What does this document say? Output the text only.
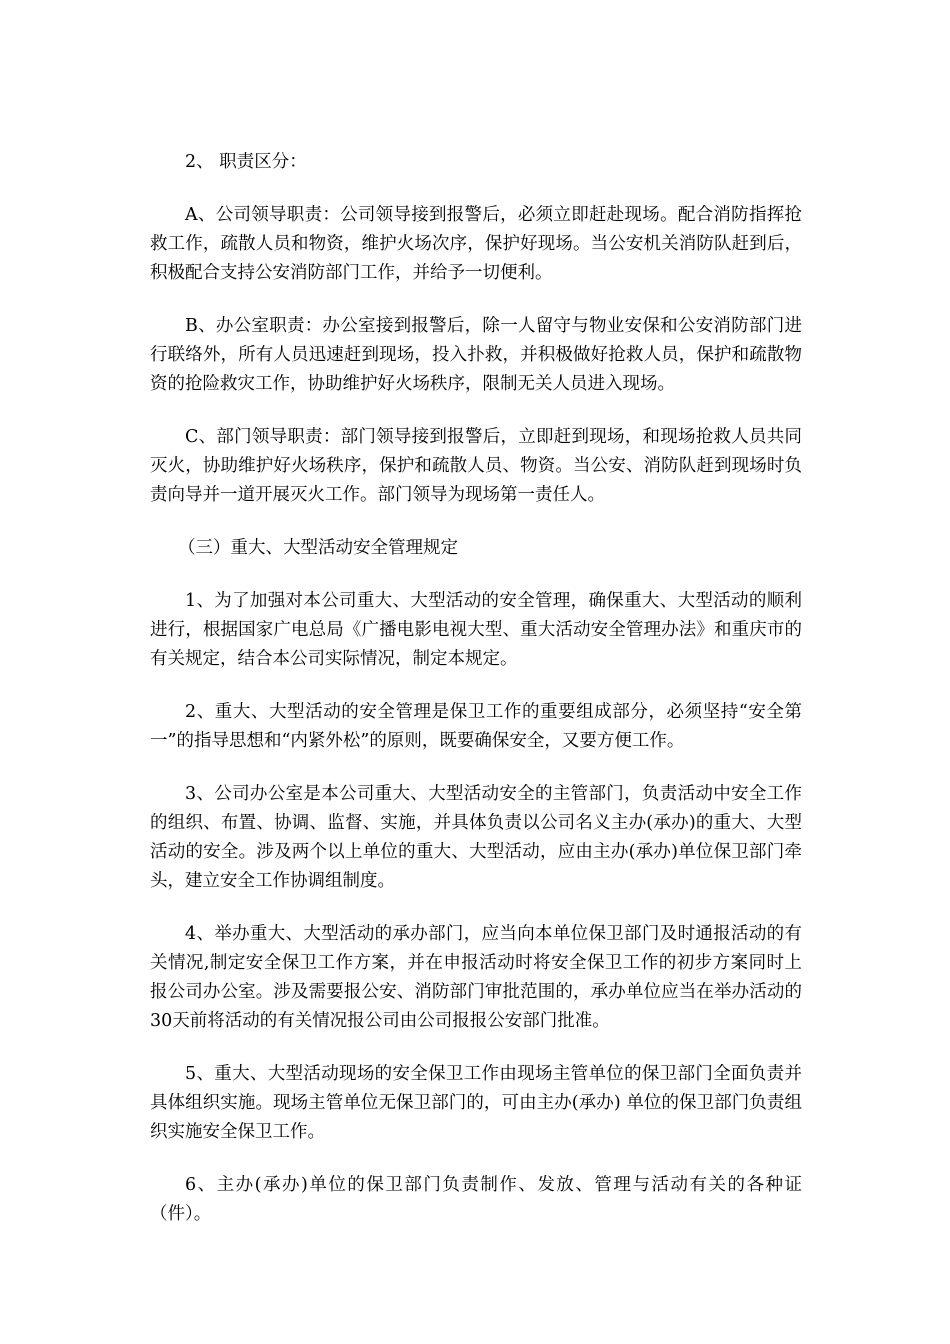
2、 职责区分：

A、公司领导职责：公司领导接到报警后，必须立即赶赴现场。配合消防指挥抢救工作，疏散人员和物资，维护火场次序，保护好现场。当公安机关消防队赶到后，积极配合支持公安消防部门工作，并给予一切便利。

B、办公室职责：办公室接到报警后，除一人留守与物业安保和公安消防部门进行联络外，所有人员迅速赶到现场，投入扑救，并积极做好抢救人员，保护和疏散物资的抢险救灾工作，协助维护好火场秩序，限制无关人员进入现场。

C、部门领导职责：部门领导接到报警后，立即赶到现场，和现场抢救人员共同灭火，协助维护好火场秩序，保护和疏散人员、物资。当公安、消防队赶到现场时负责向导并一道开展灭火工作。部门领导为现场第一责任人。

（三）重大、大型活动安全管理规定

1、为了加强对本公司重大、大型活动的安全管理，确保重大、大型活动的顺利进行，根据国家广电总局《广播电影电视大型、重大活动安全管理办法》和重庆市的有关规定，结合本公司实际情况，制定本规定。

2、重大、大型活动的安全管理是保卫工作的重要组成部分，必须坚持“安全第一”的指导思想和“内紧外松”的原则，既要确保安全，又要方便工作。

3、公司办公室是本公司重大、大型活动安全的主管部门，负责活动中安全工作的组织、布置、协调、监督、实施，并具体负责以公司名义主办(承办)的重大、大型活动的安全。涉及两个以上单位的重大、大型活动，应由主办(承办)单位保卫部门牵头，建立安全工作协调组制度。

4、举办重大、大型活动的承办部门，应当向本单位保卫部门及时通报活动的有关情况,制定安全保卫工作方案，并在申报活动时将安全保卫工作的初步方案同时上报公司办公室。涉及需要报公安、消防部门审批范围的，承办单位应当在举办活动的30天前将活动的有关情况报公司由公司报报公安部门批准。

5、重大、大型活动现场的安全保卫工作由现场主管单位的保卫部门全面负责并具体组织实施。现场主管单位无保卫部门的，可由主办(承办) 单位的保卫部门负责组织实施安全保卫工作。

6、主办(承办)单位的保卫部门负责制作、发放、管理与活动有关的各种证（件）。
